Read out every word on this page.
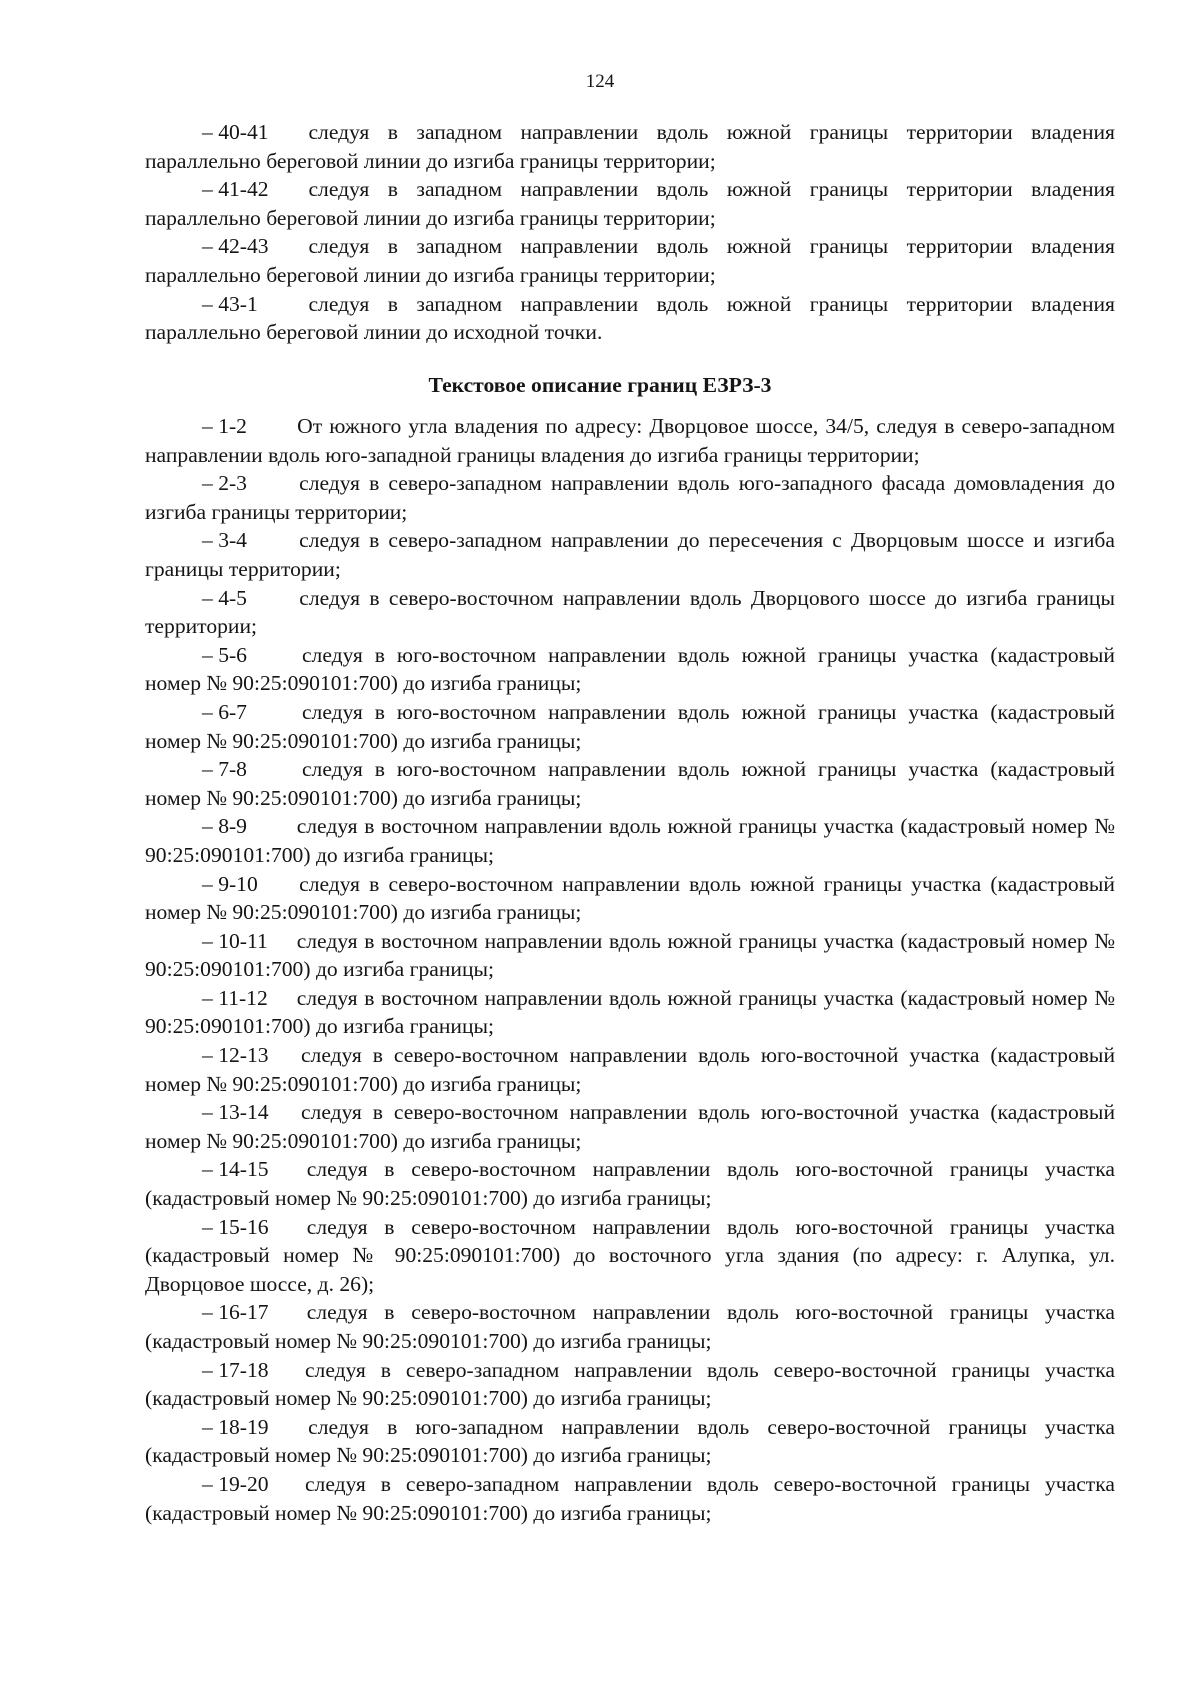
124

– 40-41 следуя в западном направлении вдоль южной границы территории владения параллельно береговой линии до изгиба границы территории;

– 41-42 следуя в западном направлении вдоль южной границы территории владения параллельно береговой линии до изгиба границы территории;

– 42-43 следуя в западном направлении вдоль южной границы территории владения параллельно береговой линии до изгиба границы территории;

– 43-1 следуя в западном направлении вдоль южной границы территории владения параллельно береговой линии до исходной точки.

Текстовое описание границ ЕЗРЗ-3

– 1-2 От южного угла владения по адресу: Дворцовое шоссе, 34/5, следуя в северо-западном направлении вдоль юго-западной границы владения до изгиба границы территории;

– 2-3 следуя в северо-западном направлении вдоль юго-западного фасада домовладения до изгиба границы территории;

– 3-4 следуя в северо-западном направлении до пересечения с Дворцовым шоссе и изгиба границы территории;

– 4-5 следуя в северо-восточном направлении вдоль Дворцового шоссе до изгиба границы территории;

– 5-6	следуя в юго-восточном направлении вдоль южной границы участка (кадастровый номер № 90:25:090101:700) до изгиба границы;

– 6-7	следуя в юго-восточном направлении вдоль южной границы участка (кадастровый номер № 90:25:090101:700) до изгиба границы;

– 7-8	следуя в юго-восточном направлении вдоль южной границы участка (кадастровый номер № 90:25:090101:700) до изгиба границы;

– 8-9 следуя в восточном направлении вдоль южной границы участка (кадастровый номер № 90:25:090101:700) до изгиба границы;

– 9-10 следуя в северо-восточном направлении вдоль южной границы участка (кадастровый номер № 90:25:090101:700) до изгиба границы;

– 10-11 следуя в восточном направлении вдоль южной границы участка (кадастровый номер № 90:25:090101:700) до изгиба границы;

– 11-12 следуя в восточном направлении вдоль южной границы участка (кадастровый номер № 90:25:090101:700) до изгиба границы;

– 12-13 следуя в северо-восточном направлении вдоль юго-восточной участка (кадастровый номер № 90:25:090101:700) до изгиба границы;

– 13-14 следуя в северо-восточном направлении вдоль юго-восточной участка (кадастровый номер № 90:25:090101:700) до изгиба границы;

– 14-15 следуя в северо-восточном направлении вдоль юго-восточной границы участка (кадастровый номер № 90:25:090101:700) до изгиба границы;

– 15-16 следуя в северо-восточном направлении вдоль юго-восточной границы участка (кадастровый номер № 90:25:090101:700) до восточного угла здания (по адресу: г. Алупка, ул. Дворцовое шоссе, д. 26);

– 16-17 следуя в северо-восточном направлении вдоль юго-восточной границы участка (кадастровый номер № 90:25:090101:700) до изгиба границы;

– 17-18 следуя в северо-западном направлении вдоль северо-восточной границы участка (кадастровый номер № 90:25:090101:700) до изгиба границы;

– 18-19 следуя в юго-западном направлении вдоль северо-восточной границы участка (кадастровый номер № 90:25:090101:700) до изгиба границы;

– 19-20 следуя в северо-западном направлении вдоль северо-восточной границы участка (кадастровый номер № 90:25:090101:700) до изгиба границы;
